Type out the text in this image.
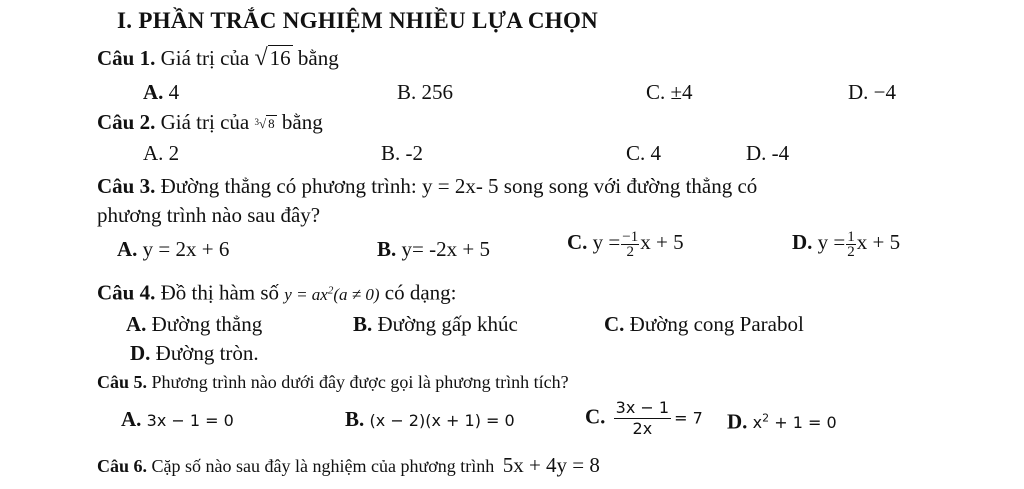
I. PHẦN TRẮC NGHIỆM NHIỀU LỰA CHỌN
Câu 1. Giá trị của √16 bằng
A. 4	B. 256	C. ±4	D. −4
Câu 2. Giá trị của $^3$√ 8 bằng
A. 2	B. -2	C. 4	D. -4
Câu 3. Đường thẳng có phương trình: y = 2x- 5 song song với đường thẳng có
phương trình nào sau đây?
A. y = 2x + 6	B. y= -2x + 5	C. $y = \frac{-1}{2}$ x + 5	D. $y = \frac{1}{2}$ x + 5
Câu 4. Đồ thị hàm số $y = ax^2(a \ne 0)$ có dạng:
A. Đường thẳng	B. Đường gấp khúc	C. Đường cong Parabol
D. Đường tròn.
Câu 5. Phương trình nào dưới đây được gọi là phương trình tích?
A. 3x − 1 = 0	B. (x − 2)(x + 1) = 0	C. $\frac{3x - 1}{2x} = 7$ D. $x^2 + 1 = 0$
Câu 6. Cặp số nào sau đây là nghiệm của phương trình 5x + 4y = 8
